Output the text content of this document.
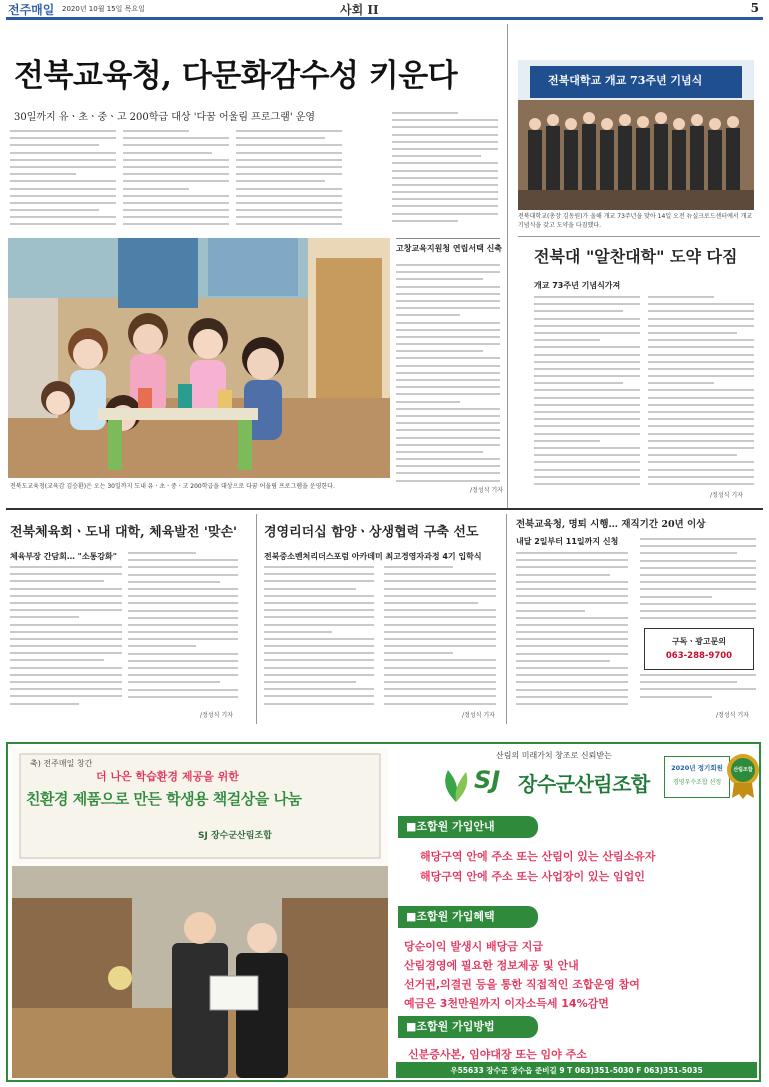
전주매일 2020년 10월 15일 목요일	사회 II	5
전북교육청, 다문화감수성 키운다
30일까지 유ㆍ초ㆍ중ㆍ고 200학급 대상 '다꿈 어울림 프로그램' 운영
전북도교육청(교육감 김승환)은 오는 30일까지 도내 유ㆍ초ㆍ중ㆍ고 200학급을 대상으로 다꿈 어울림 프로그램을 운영한다.
/정성식 기자
고창교육지원청 연립서택 신축
전북대학교 개교 73주년 기념식
전북대학교(총장 김동원)가 올해 개교 73주년을 맞아 14일 오전 뉴실크로드센터에서 개교기념식을 갖고 도약을 다짐했다.
전북대 "알찬대학" 도약 다짐
개교 73주년 기념식가져
/정성식 기자
전북체육회ㆍ도내 대학, 체육발전 '맞손'
체육부장 간담회… "소통강화"
/정성식 기자
경영리더십 함양ㆍ상생협력 구축 선도
전북중소벤처리더스포럼 아카데미 최고경영자과정 4기 입학식
/정성식 기자
전북교육청, 명퇴 시행… 재직기간 20년 이상
내달 2일부터 11일까지 신청
구독ㆍ광고문의
063-288-9700
/정성식 기자
축) 전주매일 창간
더 나은 학습환경 제공을 위한
친환경 제품으로 만든 학생용 책걸상을 나눔
SJ 장수군산림조합
산림의 미래가치 창조로 신뢰받는
SJ 장수군산림조합
2020년 정기회원
경영우수조합 선정
산림조합
■조합원 가입안내
해당구역 안에 주소 또는 산림이 있는 산림소유자
해당구역 안에 주소 또는 사업장이 있는 임업인
■조합원 가입혜택
당순이익 발생시 배당금 지급
산림경영에 필요한 정보제공 및 안내
선거권,의결권 등을 통한 직접적인 조합운영 참여
예금은 3천만원까지 이자소득세 14%감면
■조합원 가입방법
신분증사본, 임야대장 또는 임야 주소
우55633 장수군 장수읍 준비길 9 T 063)351-5030 F 063)351-5035
